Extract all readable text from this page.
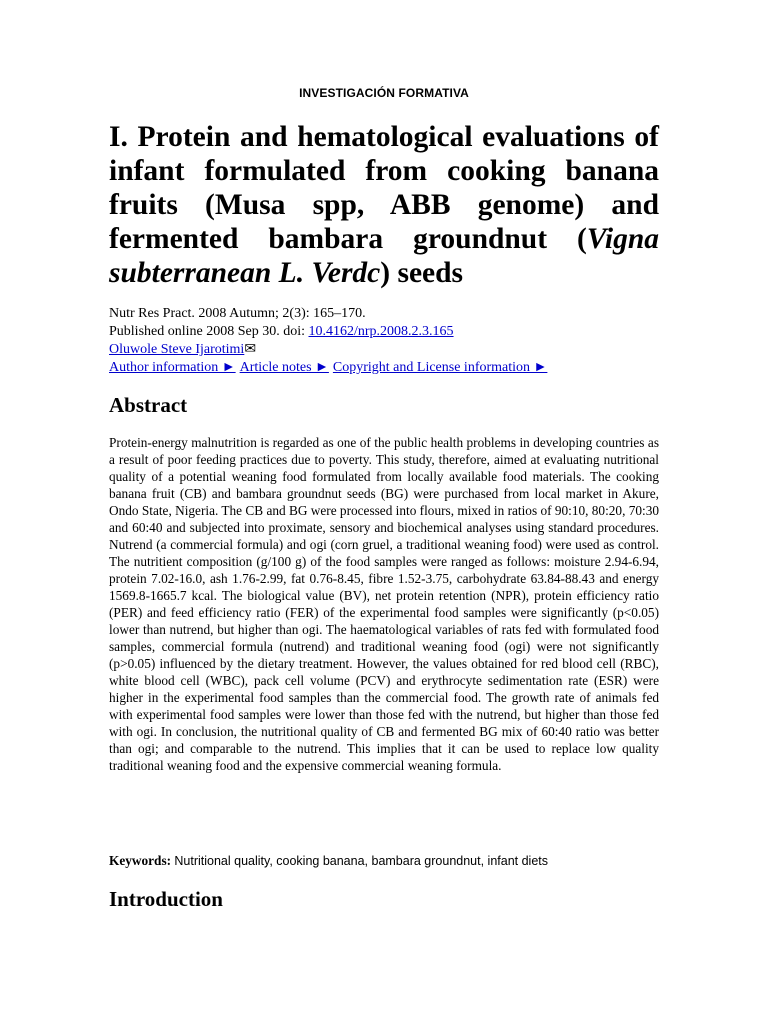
INVESTIGACIÓN FORMATIVA
I. Protein and hematological evaluations of infant formulated from cooking banana fruits (Musa spp, ABB genome) and fermented bambara groundnut (Vigna subterranean L. Verdc) seeds
Nutr Res Pract. 2008 Autumn; 2(3): 165–170.
Published online 2008 Sep 30. doi: 10.4162/nrp.2008.2.3.165
Oluwole Steve Ijarotimi✉
Author information ► Article notes ► Copyright and License information ►
Abstract

Protein-energy malnutrition is regarded as one of the public health problems in developing countries as a result of poor feeding practices due to poverty. This study, therefore, aimed at evaluating nutritional quality of a potential weaning food formulated from locally available food materials. The cooking banana fruit (CB) and bambara groundnut seeds (BG) were purchased from local market in Akure, Ondo State, Nigeria. The CB and BG were processed into flours, mixed in ratios of 90:10, 80:20, 70:30 and 60:40 and subjected into proximate, sensory and biochemical analyses using standard procedures. Nutrend (a commercial formula) and ogi (corn gruel, a traditional weaning food) were used as control. The nutritient composition (g/100 g) of the food samples were ranged as follows: moisture 2.94-6.94, protein 7.02-16.0, ash 1.76-2.99, fat 0.76-8.45, fibre 1.52-3.75, carbohydrate 63.84-88.43 and energy 1569.8-1665.7 kcal. The biological value (BV), net protein retention (NPR), protein efficiency ratio (PER) and feed efficiency ratio (FER) of the experimental food samples were significantly (p<0.05) lower than nutrend, but higher than ogi. The haematological variables of rats fed with formulated food samples, commercial formula (nutrend) and traditional weaning food (ogi) were not significantly (p>0.05) influenced by the dietary treatment. However, the values obtained for red blood cell (RBC), white blood cell (WBC), pack cell volume (PCV) and erythrocyte sedimentation rate (ESR) were higher in the experimental food samples than the commercial food. The growth rate of animals fed with experimental food samples were lower than those fed with the nutrend, but higher than those fed with ogi. In conclusion, the nutritional quality of CB and fermented BG mix of 60:40 ratio was better than ogi; and comparable to the nutrend. This implies that it can be used to replace low quality traditional weaning food and the expensive commercial weaning formula.

Keywords: Nutritional quality, cooking banana, bambara groundnut, infant diets
Introduction
